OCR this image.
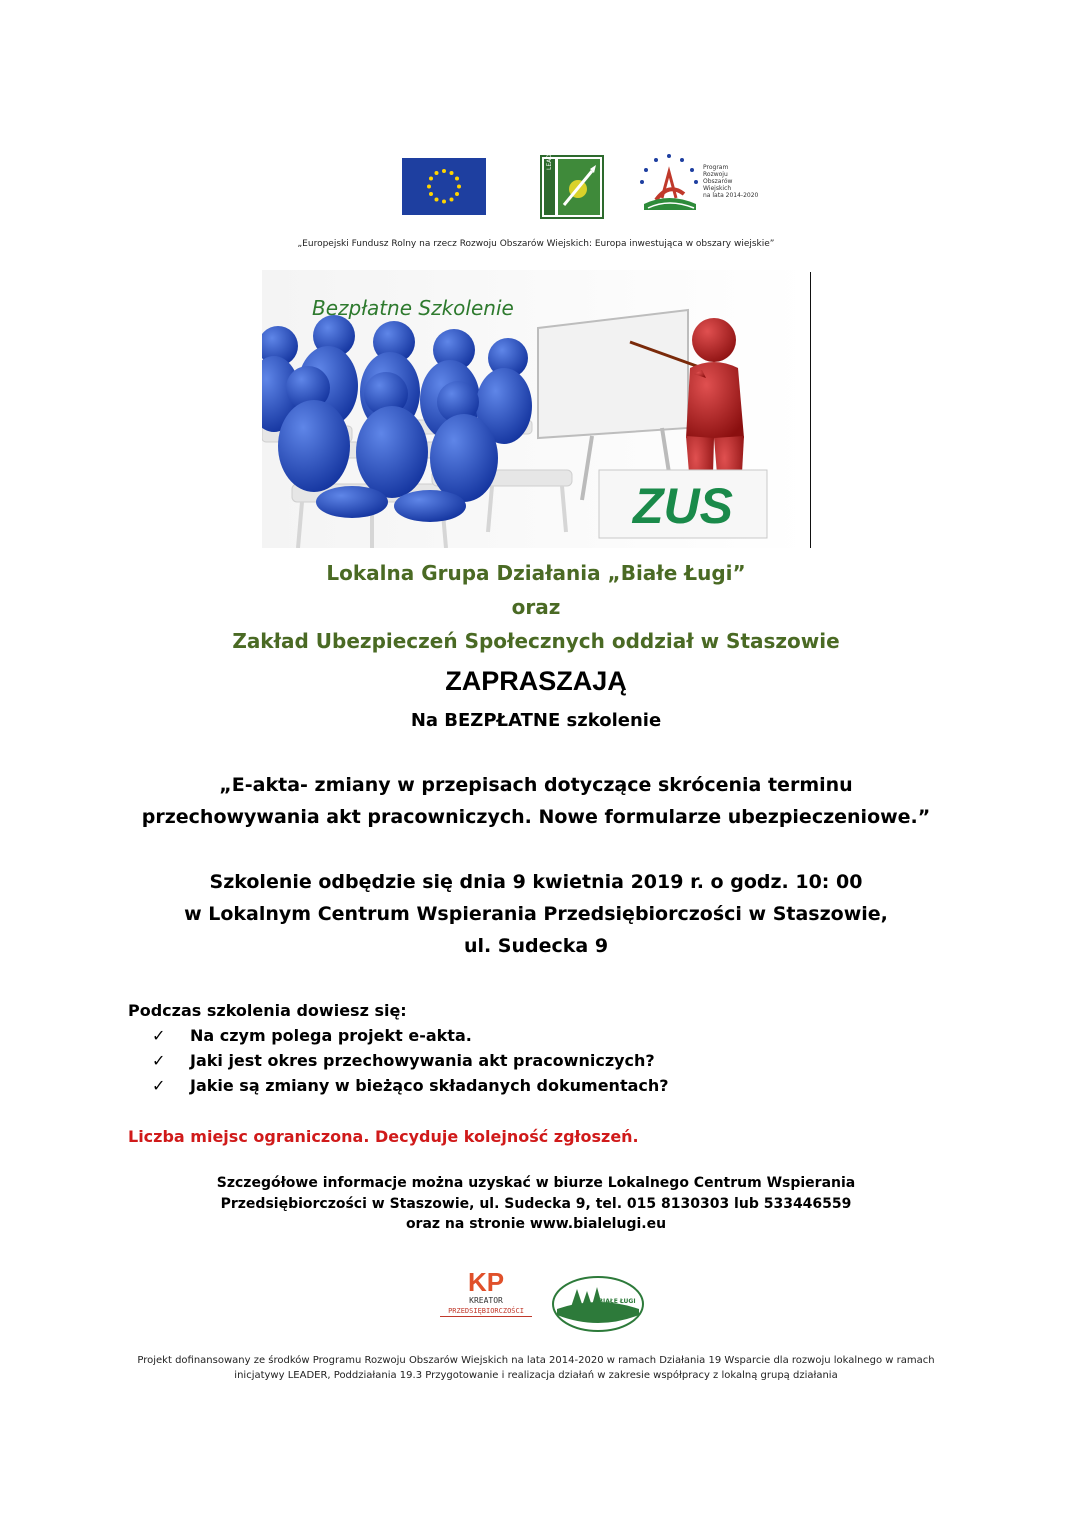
LEADER	Program
Rozwoju
Obszarów
Wiejskich
na lata 2014-2020
„Europejski Fundusz Rolny na rzecz Rozwoju Obszarów Wiejskich: Europa inwestująca w obszary wiejskie”
ZUS
Bezpłatne Szkolenie
Lokalna Grupa Działania „Białe Ługi”
oraz
Zakład Ubezpieczeń Społecznych oddział w Staszowie
ZAPRASZAJĄ
Na BEZPŁATNE szkolenie
„E-akta- zmiany w przepisach dotyczące skrócenia terminu
przechowywania akt pracowniczych. Nowe formularze ubezpieczeniowe.”
Szkolenie odbędzie się dnia 9 kwietnia 2019 r. o godz. 10: 00
w Lokalnym Centrum Wspierania Przedsiębiorczości w Staszowie,
ul. Sudecka 9
Podczas szkolenia dowiesz się:
✓ Na czym polega projekt e-akta.
✓ Jaki jest okres przechowywania akt pracowniczych?
✓ Jakie są zmiany w bieżąco składanych dokumentach?
Liczba miejsc ograniczona. Decyduje kolejność zgłoszeń.
Szczegółowe informacje można uzyskać w biurze Lokalnego Centrum Wspierania
Przedsiębiorczości w Staszowie, ul. Sudecka 9, tel. 015 8130303 lub 533446559
oraz na stronie www.bialelugi.eu
KP
KREATOR
PRZEDSIĘBIORCZOŚCI
BIAŁE ŁUGI
Projekt dofinansowany ze środków Programu Rozwoju Obszarów Wiejskich na lata 2014-2020 w ramach Działania 19 Wsparcie dla rozwoju lokalnego w ramach
inicjatywy LEADER, Poddziałania 19.3 Przygotowanie i realizacja działań w zakresie współpracy z lokalną grupą działania
